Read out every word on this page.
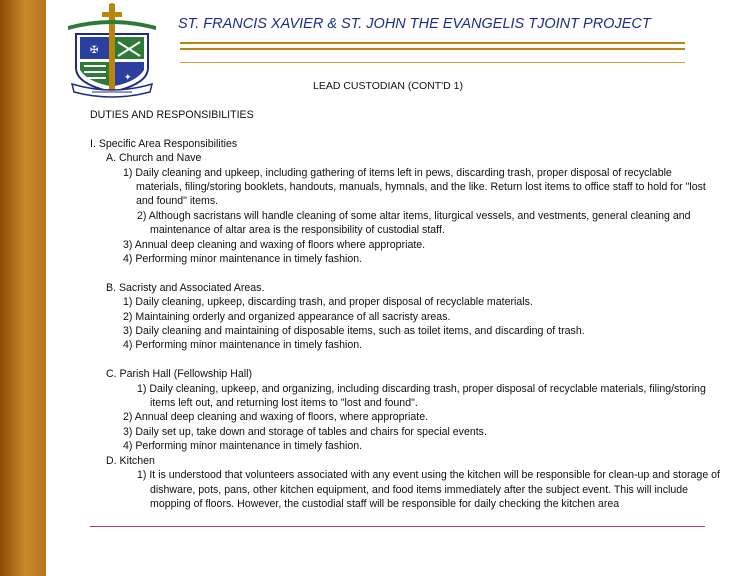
✠
✦
ST. FRANCIS XAVIER & ST. JOHN THE EVANGELIS TJOINT PROJECT
LEAD CUSTODIAN (CONT'D 1)

DUTIES AND RESPONSIBILITIES

I. Specific Area Responsibilities

A. Church and Nave

1) Daily cleaning and upkeep, including gathering of items left in pews, discarding trash, proper disposal of recyclable materials, filing/storing booklets, handouts, manuals, hymnals, and the like. Return lost items to office staff to hold for "lost and found" items.

2) Although sacristans will handle cleaning of some altar items, liturgical vessels, and vestments, general cleaning and maintenance of altar area is the responsibility of custodial staff.

3) Annual deep cleaning and waxing of floors where appropriate.

4) Performing minor maintenance in timely fashion.

B. Sacristy and Associated Areas.

1) Daily cleaning, upkeep, discarding trash, and proper disposal of recyclable materials.

2) Maintaining orderly and organized appearance of all sacristy areas.

3) Daily cleaning and maintaining of disposable items, such as toilet items, and discarding of trash.

4) Performing minor maintenance in timely fashion.

C. Parish Hall (Fellowship Hall)

1) Daily cleaning, upkeep, and organizing, including discarding trash, proper disposal of recyclable materials, filing/storing items left out, and returning lost items to "lost and found".

2) Annual deep cleaning and waxing of floors, where appropriate.

3) Daily set up, take down and storage of tables and chairs for special events.

4) Performing minor maintenance in timely fashion.

D. Kitchen

1) It is understood that volunteers associated with any event using the kitchen will be responsible for clean-up and storage of dishware, pots, pans, other kitchen equipment, and food items immediately after the subject event. This will include mopping of floors. However, the custodial staff will be responsible for daily checking the kitchen area
